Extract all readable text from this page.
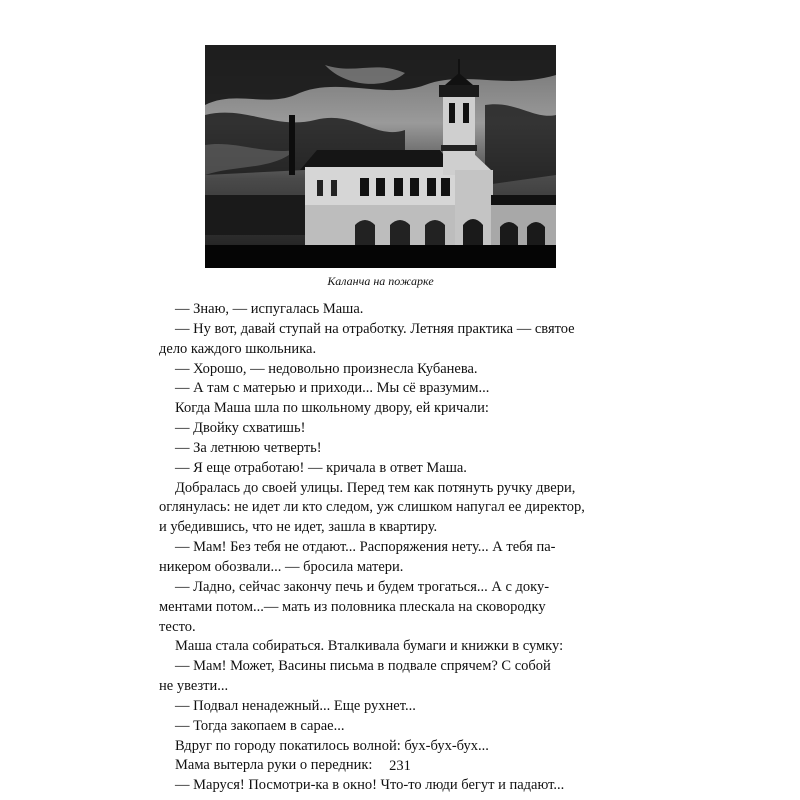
Каланча на пожарке
— Знаю, — испугалась Маша.
— Ну вот, давай ступай на отработку. Летняя практика — святое
дело каждого школьника.
— Хорошо, — недовольно произнесла Кубанева.
— А там с матерью и приходи... Мы сё вразумим...
Когда Маша шла по школьному двору, ей кричали:
— Двойку схватишь!
— За летнюю четверть!
— Я еще отработаю! — кричала в ответ Маша.
Добралась до своей улицы. Перед тем как потянуть ручку двери,
оглянулась: не идет ли кто следом, уж слишком напугал ее директор,
и убедившись, что не идет, зашла в квартиру.
— Мам! Без тебя не отдают... Распоряжения нету... А тебя па-
никером обозвали... — бросила матери.
— Ладно, сейчас закончу печь и будем трогаться... А с доку-
ментами потом...— мать из половника плескала на сковородку
тесто.
Маша стала собираться. Вталкивала бумаги и книжки в сумку:
— Мам! Может, Васины письма в подвале спрячем? С собой
не увезти...
— Подвал ненадежный... Еще рухнет...
— Тогда закопаем в сарае...
Вдруг по городу покатилось волной: бух-бух-бух...
Мама вытерла руки о передник:
— Маруся! Посмотри-ка в окно! Что-то люди бегут и падают...
231
